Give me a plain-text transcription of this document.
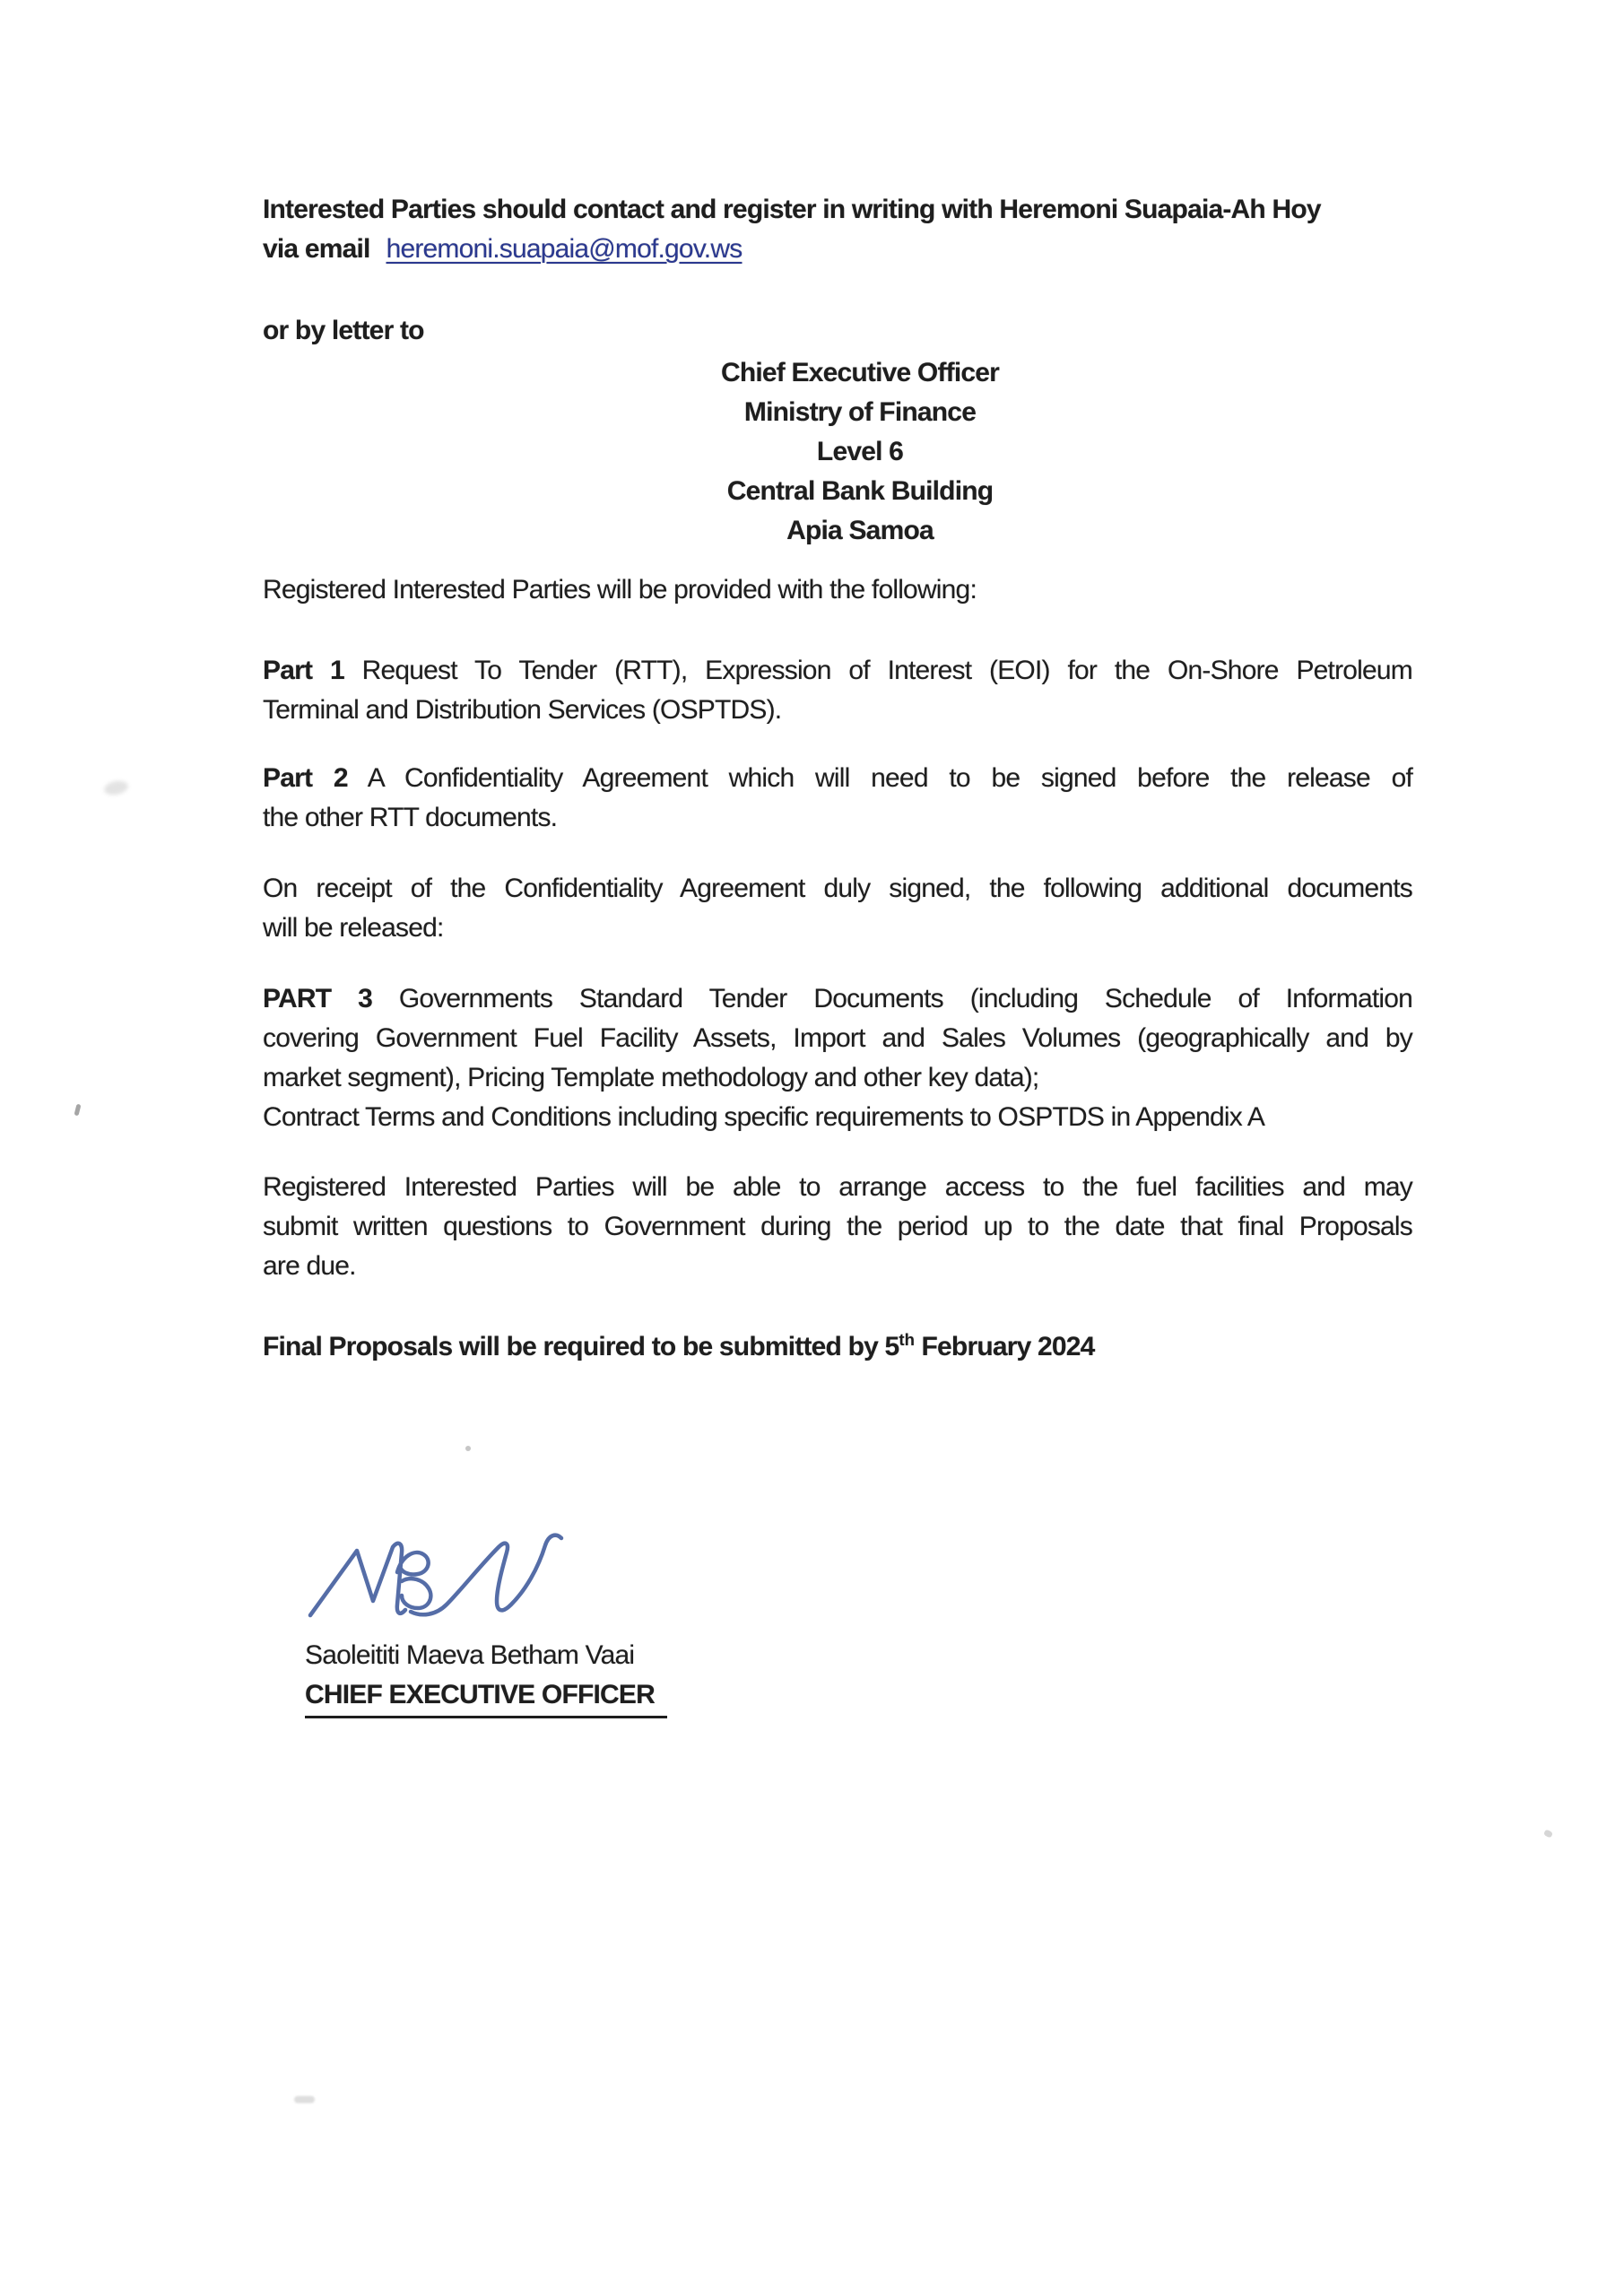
Interested Parties should contact and register in writing with Heremoni Suapaia-Ah Hoy
via email heremoni.suapaia@mof.gov.ws
or by letter to
Chief Executive Officer
Ministry of Finance
Level 6
Central Bank Building
Apia Samoa
Registered Interested Parties will be provided with the following:
Part 1 Request To Tender (RTT), Expression of Interest (EOI) for the On-Shore Petroleum
Terminal and Distribution Services (OSPTDS).
Part 2 A Confidentiality Agreement which will need to be signed before the release of
the other RTT documents.
On receipt of the Confidentiality Agreement duly signed, the following additional documents
will be released:
PART 3 Governments Standard Tender Documents (including Schedule of Information
covering Government Fuel Facility Assets, Import and Sales Volumes (geographically and by
market segment), Pricing Template methodology and other key data);
Contract Terms and Conditions including specific requirements to OSPTDS in Appendix A
Registered Interested Parties will be able to arrange access to the fuel facilities and may
submit written questions to Government during the period up to the date that final Proposals
are due.
Final Proposals will be required to be submitted by 5th February 2024
Saoleititi Maeva Betham Vaai
CHIEF EXECUTIVE OFFICER
